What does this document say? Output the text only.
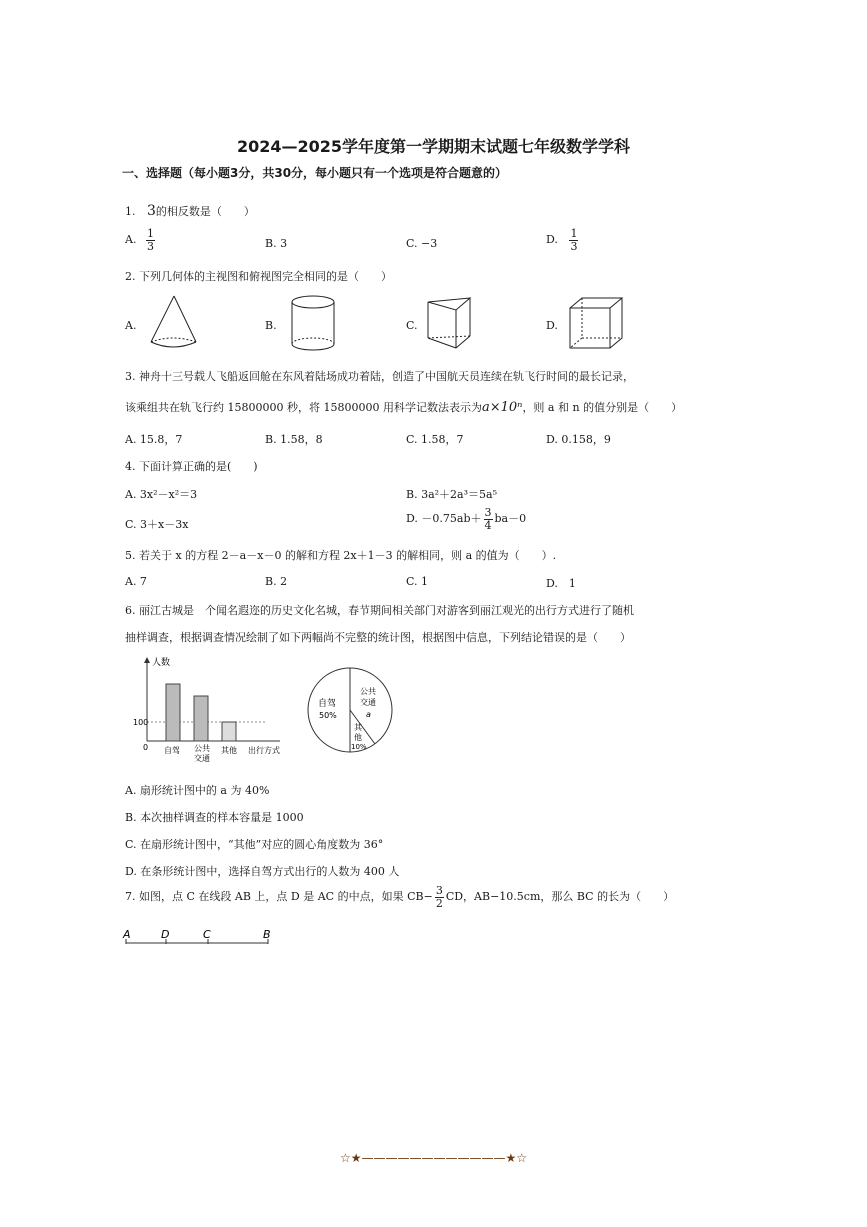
2024—2025学年度第一学期期末试题七年级数学学科
一、选择题（每小题3分，共30分，每小题只有一个选项是符合题意的）
1. 3的相反数是（　　）
A. $\frac{1}{3}$	B. 3	C. −3	D. $\frac{1}{3}$
2. 下列几何体的主视图和俯视图完全相同的是（　　）
A.	B.	C.	D.
3. 神舟十三号载人飞船返回舱在东风着陆场成功着陆，创造了中国航天员连续在轨飞行时间的最长记录，
该乘组共在轨飞行约 15800000 秒，将 15800000 用科学记数法表示为a×10ⁿ，则 a 和 n 的值分别是（　　）
A. 15.8，7	B. 1.58，8	C. 1.58，7	D. 0.158，9
4. 下面计算正确的是(　　)
A. 3x²－x²＝3	B. 3a²＋2a³＝5a⁵
C. 3＋x－3x	D. $-0.75ab+ \frac{3}{4} ba-0$
5. 若关于 x 的方程 2－a－x－0 的解和方程 2x＋1－3 的解相同，则 a 的值为（　　）.
A. 7	B. 2	C. 1	D.　1
6. 丽江古城是　个闻名遐迩的历史文化名城，春节期间相关部门对游客到丽江观光的出行方式进行了随机
抽样调查，根据调查情况绘制了如下两幅尚不完整的统计图，根据图中信息，下列结论错误的是（　　）
人数
100
0 自驾 公共
交通
其他 出行方式
自驾
50%
公共
交通
a
其
他
10%
A. 扇形统计图中的 a 为 40%
B. 本次抽样调查的样本容量是 1000
C. 在扇形统计图中，“其他”对应的圆心角度数为 36°
D. 在条形统计图中，选择自驾方式出行的人数为 400 人
7. 如图，点 C 在线段 AB 上，点 D 是 AC 的中点，如果 $CB- \frac{3}{2}$ CD，AB−10.5cm，那么 BC 的长为（　　）
A	D	C	B
☆★————————————★☆
